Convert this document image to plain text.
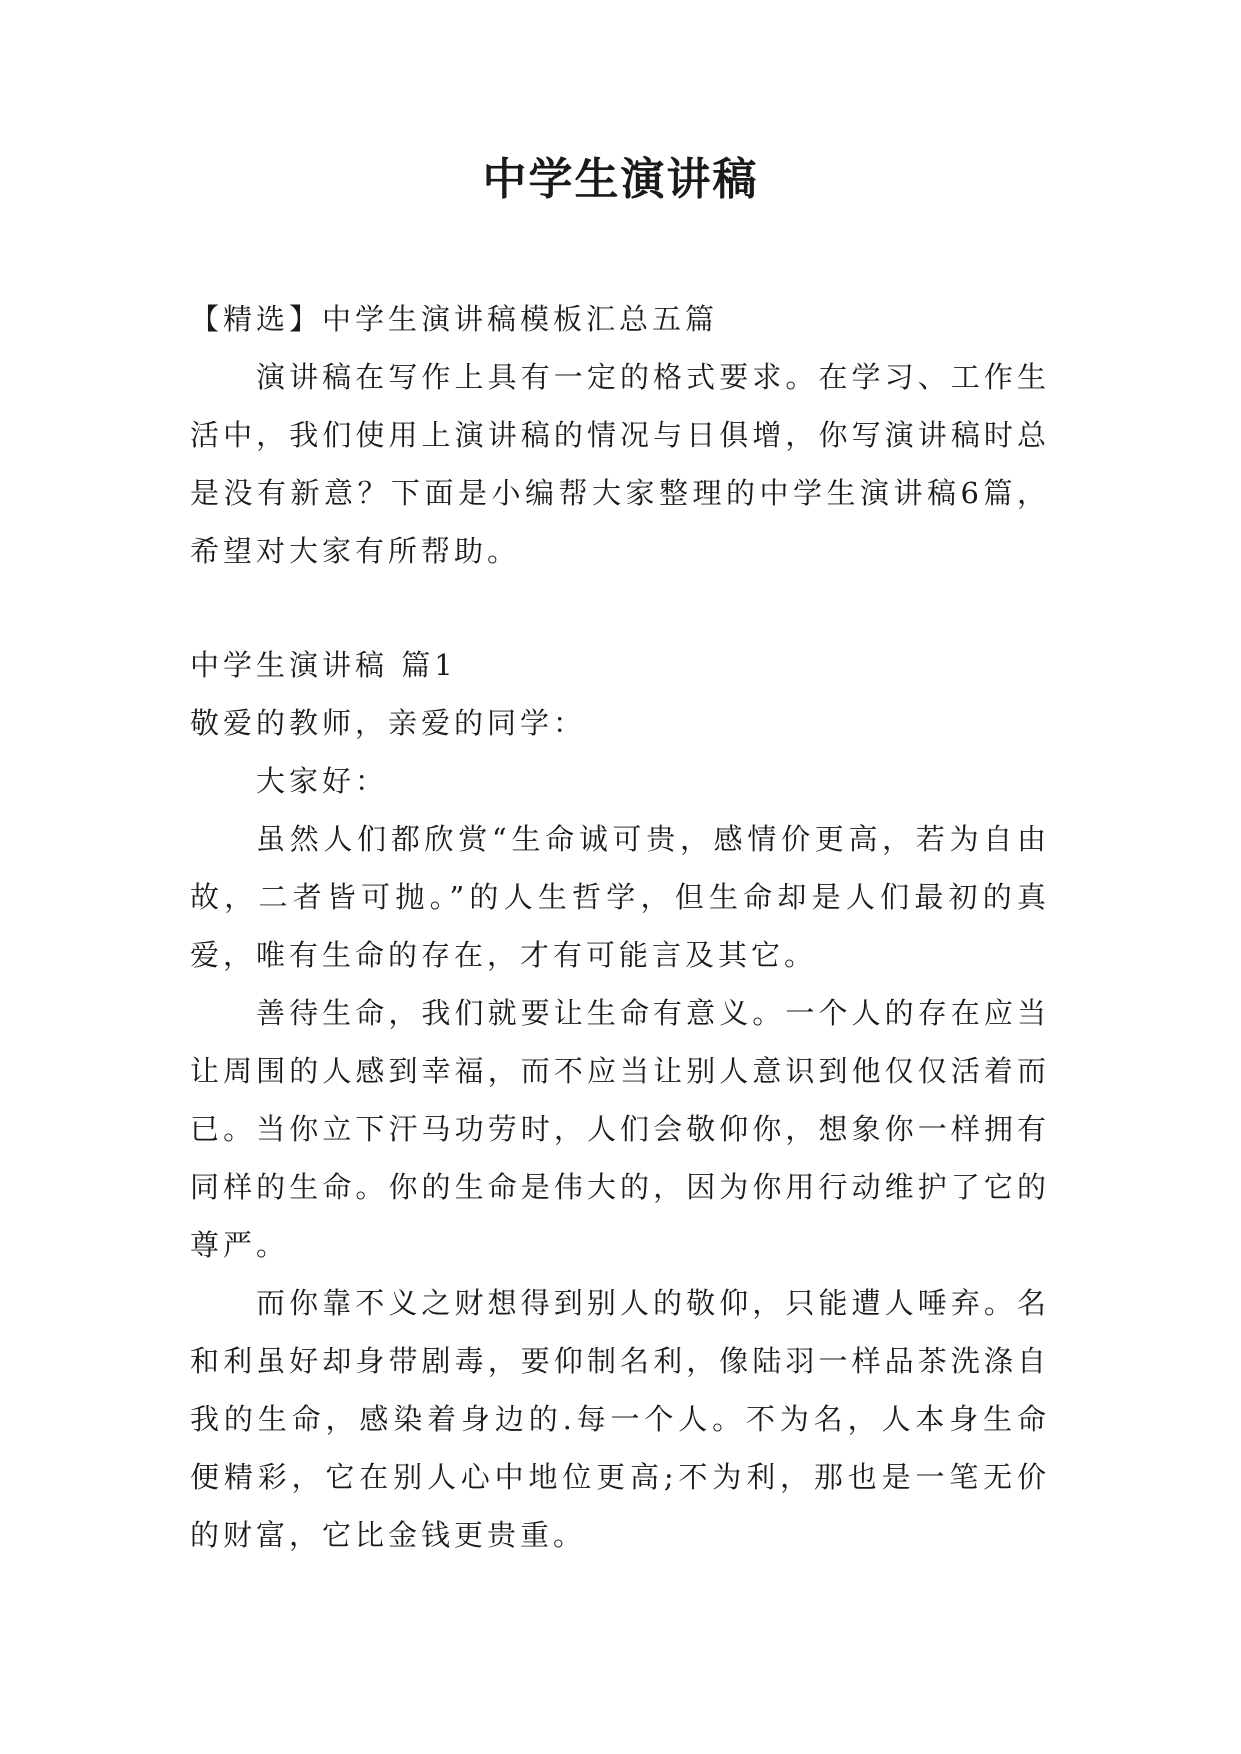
中学生演讲稿

【精选】中学生演讲稿模板汇总五篇

演讲稿在写作上具有一定的格式要求。在学习、工作生活中，我们使用上演讲稿的情况与日俱增，你写演讲稿时总是没有新意？下面是小编帮大家整理的中学生演讲稿6篇，希望对大家有所帮助。

中学生演讲稿 篇1

敬爱的教师，亲爱的同学：

大家好：

虽然人们都欣赏“生命诚可贵，感情价更高，若为自由故，二者皆可抛。”的人生哲学，但生命却是人们最初的真爱，唯有生命的存在，才有可能言及其它。

善待生命，我们就要让生命有意义。一个人的存在应当让周围的人感到幸福，而不应当让别人意识到他仅仅活着而已。当你立下汗马功劳时，人们会敬仰你，想象你一样拥有同样的生命。你的生命是伟大的，因为你用行动维护了它的尊严。

而你靠不义之财想得到别人的敬仰，只能遭人唾弃。名和利虽好却身带剧毒，要仰制名利，像陆羽一样品茶洗涤自我的生命，感染着身边的.每一个人。不为名，人本身生命便精彩，它在别人心中地位更高;不为利，那也是一笔无价的财富，它比金钱更贵重。
